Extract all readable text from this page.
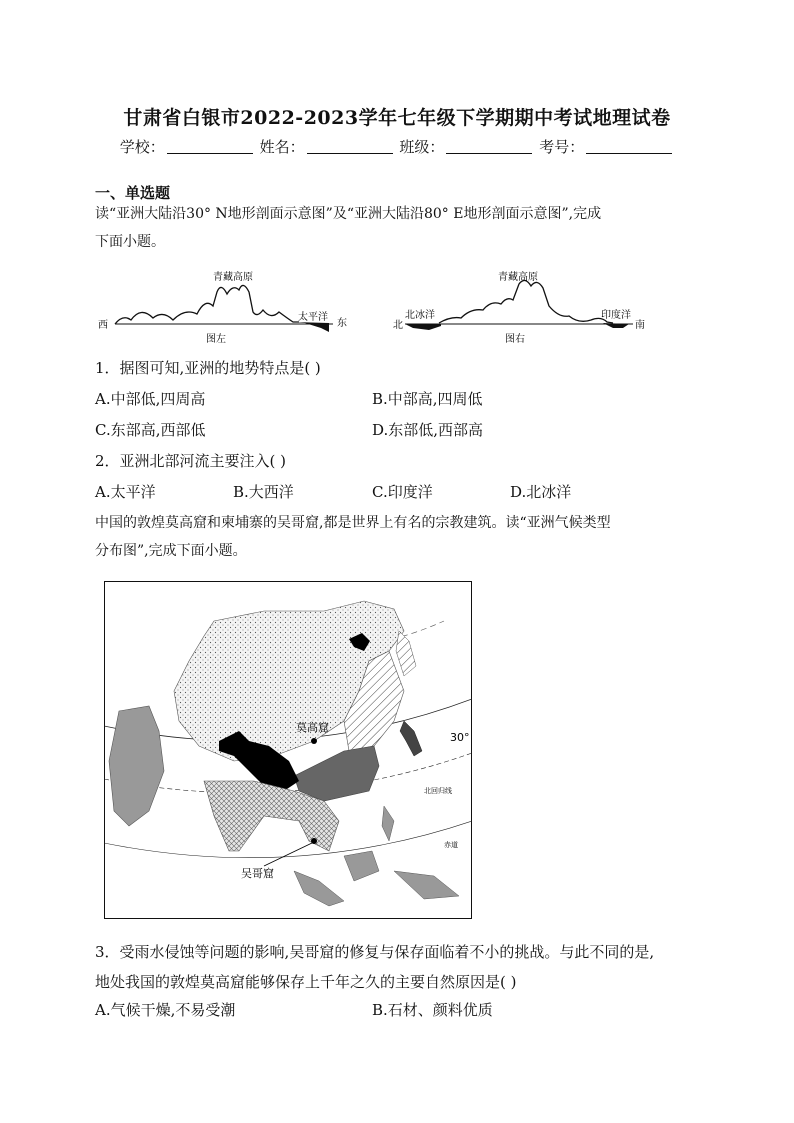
甘肃省白银市2022-2023学年七年级下学期期中考试地理试卷
学校：	姓名：	班级：	考号：
一、单选题
读“亚洲大陆沿30° N地形剖面示意图”及“亚洲大陆沿80° E地形剖面示意图”,完成
下面小题。
青藏高原
西	东
太平洋
图左
青藏高原
北	南
北冰洋	印度洋
图右
1．据图可知,亚洲的地势特点是( )
A.中部低,四周高	B.中部高,四周低
C.东部高,西部低	D.东部低,西部高
2．亚洲北部河流主要注入( )
A.太平洋	B.大西洋	C.印度洋	D.北冰洋
中国的敦煌莫高窟和柬埔寨的吴哥窟,都是世界上有名的宗教建筑。读“亚洲气候类型
分布图”,完成下面小题。
莫高窟
吴哥窟
30°
北回归线
赤道
3．受雨水侵蚀等问题的影响,吴哥窟的修复与保存面临着不小的挑战。与此不同的是,
地处我国的敦煌莫高窟能够保存上千年之久的主要自然原因是( )
A.气候干燥,不易受潮	B.石材、颜料优质
